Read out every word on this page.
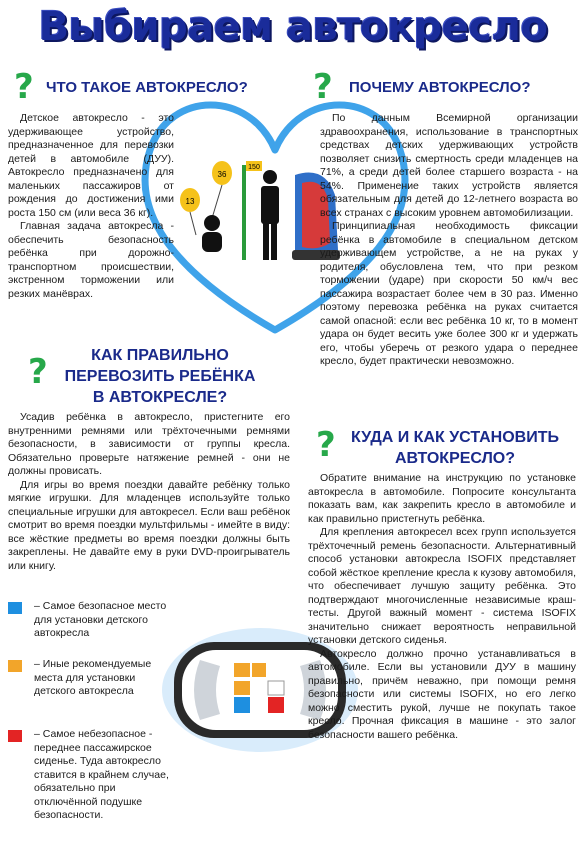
Выбираем автокресло
? ЧТО ТАКОЕ АВТОКРЕСЛО?

Детское автокресло - это удерживающее устройство, предназначенное для перевозки детей в автомобиле (ДУУ). Автокресло предназначено для маленьких пассажиров от рождения до достижения ими роста 150 см (или веса 36 кг).

Главная задача автокресла - обеспечить безопасность ребёнка при дорожно-транспортном происшествии, экстренном торможении или резких манёврах.

13
36
150
? ПОЧЕМУ АВТОКРЕСЛО?

По данным Всемирной организации здравоохранения, использование в транспортных средствах детских удерживающих устройств позволяет снизить смертность среди младенцев на 71%, а среди детей более старшего возраста - на 54%. Применение таких устройств является обязательным для детей до 12-летнего возраста во всех странах с высоким уровнем автомобилизации.

Принципиальная необходимость фиксации ребёнка в автомобиле в специальном детском удерживающем устройстве, а не на руках у родителя, обусловлена тем, что при резком торможении (ударе) при скорости 50 км/ч вес пассажира возрастает более чем в 30 раз. Именно поэтому перевозка ребёнка на руках считается самой опасной: если вес ребёнка 10 кг, то в момент удара он будет весить уже более 300 кг и удержать его, чтобы уберечь от резкого удара о переднее кресло, будет практически невозможно.

?	КАК ПРАВИЛЬНО
ПЕРЕВОЗИТЬ РЕБЁНКА
В АВТОКРЕСЛЕ?

Усадив ребёнка в автокресло, пристегните его внутренними ремнями или трёхточечными ремнями безопасности, в зависимости от группы кресла. Обязательно проверьте натяжение ремней - они не должны провисать.

Для игры во время поездки давайте ребёнку только мягкие игрушки. Для младенцев используйте только специальные игрушки для автокресел. Если ваш ребёнок смотрит во время поездки мультфильмы - имейте в виду: все жёсткие предметы во время поездки должны быть закреплены. Не давайте ему в руки DVD-проигрыватель или книгу.

– Самое безопасное место для установки детского автокресла

– Иные рекомендуемые места для установки детского автокресла

– Самое небезопасное - переднее пассажирское сиденье. Туда автокресло ставится в крайнем случае, обязательно при отключённой подушке безопасности.

? КУДА И КАК УСТАНОВИТЬ
АВТОКРЕСЛО?

Обратите внимание на инструкцию по установке автокресла в автомобиле. Попросите консультанта показать вам, как закрепить кресло в автомобиле и как правильно пристегнуть ребёнка.

Для крепления автокресел всех групп используется трёхточечный ремень безопасности. Альтернативный способ установки автокресла ISOFIX представляет собой жёсткое крепление кресла к кузову автомобиля, что обеспечивает лучшую защиту ребёнка. Это подтверждают многочисленные независимые краш-тесты. Другой важный момент - система ISOFIX значительно снижает вероятность неправильной установки детского сиденья.

Автокресло должно прочно устанавливаться в автомобиле. Если вы установили ДУУ в машину правильно, причём неважно, при помощи ремня безопасности или системы ISOFIX, но его легко можно сместить рукой, лучше не покупать такое кресло. Прочная фиксация в машине - это залог безопасности вашего ребёнка.
